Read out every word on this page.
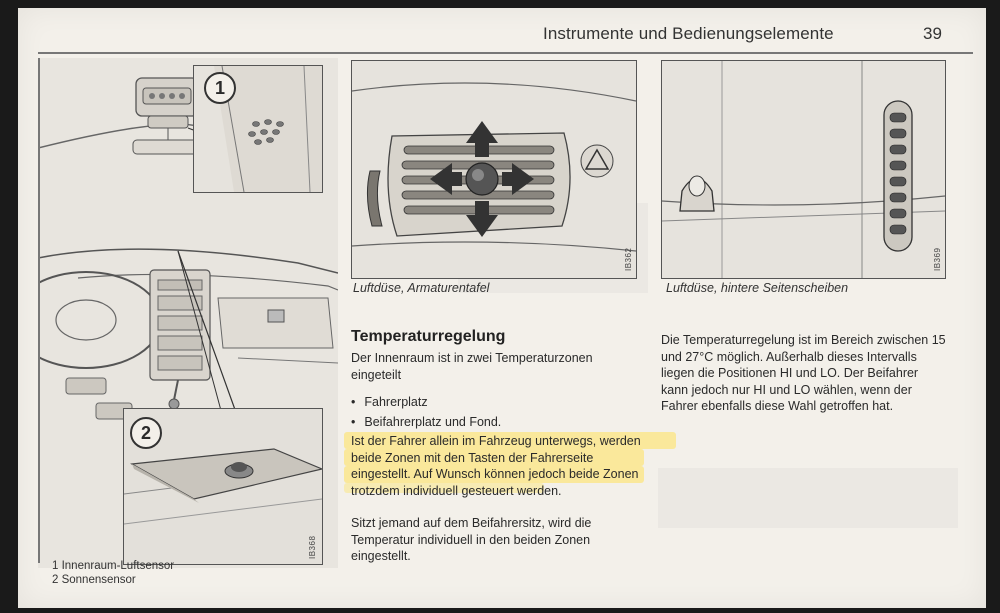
Instrumente und Bedienungselemente	39
1
2
IB368
IB362
Luftdüse, Armaturentafel
IB369
Luftdüse, hintere Seitenscheiben
1 Innenraum-Luftsensor
2 Sonnensensor
Temperaturregelung
Der Innenraum ist in zwei Temperaturzonen eingeteilt
• Fahrerplatz
• Beifahrerplatz und Fond.
Ist der Fahrer allein im Fahrzeug unterwegs, werden beide Zonen mit den Tasten der Fahrerseite eingestellt. Auf Wunsch können jedoch beide Zonen trotzdem individuell gesteuert werden.
Sitzt jemand auf dem Beifahrersitz, wird die Temperatur individuell in den beiden Zonen eingestellt.
Die Temperaturregelung ist im Bereich zwischen 15 und 27°C möglich. Außerhalb dieses Intervalls liegen die Positionen HI und LO. Der Beifahrer kann jedoch nur HI und LO wählen, wenn der Fahrer ebenfalls diese Wahl getroffen hat.
